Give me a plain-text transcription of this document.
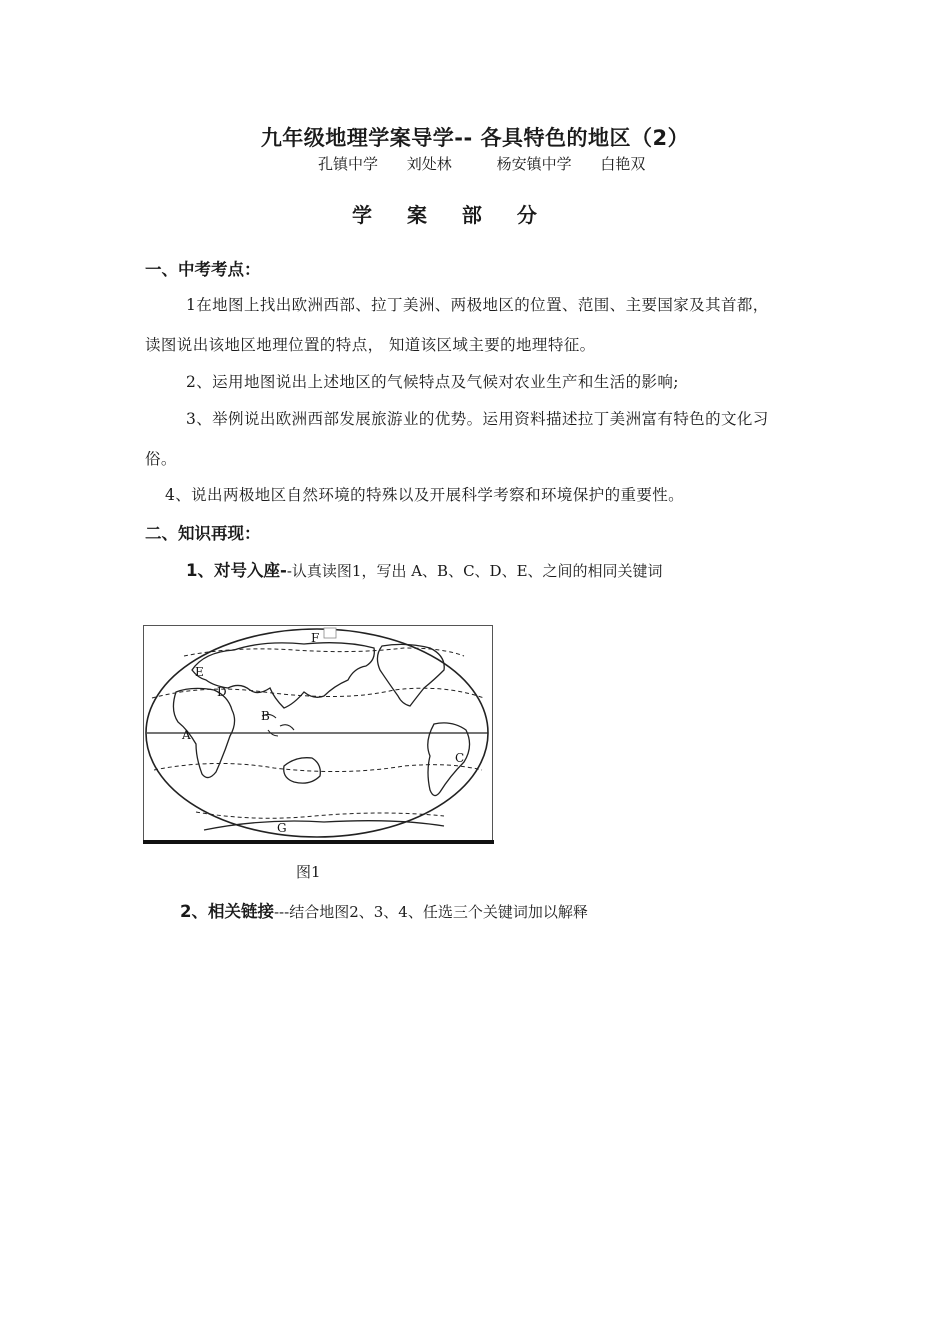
九年级地理学案导学-- 各具特色的地区（2）
孔镇中学 刘处林	杨安镇中学 白艳双
学 案 部 分
一、中考考点：
1在地图上找出欧洲西部、拉丁美洲、两极地区的位置、范围、主要国家及其首都，
读图说出该地区地理位置的特点， 知道该区域主要的地理特征。
2、运用地图说出上述地区的气候特点及气候对农业生产和生活的影响;
3、举例说出欧洲西部发展旅游业的优势。运用资料描述拉丁美洲富有特色的文化习
俗。
4、说出两极地区自然环境的特殊以及开展科学考察和环境保护的重要性。
二、知识再现：
1、对号入座--认真读图1，写出 A、B、C、D、E、之间的相同关键词
F
E
D
B
A
C
G
图1
2、相关链接---结合地图2、3、4、任选三个关键词加以解释
